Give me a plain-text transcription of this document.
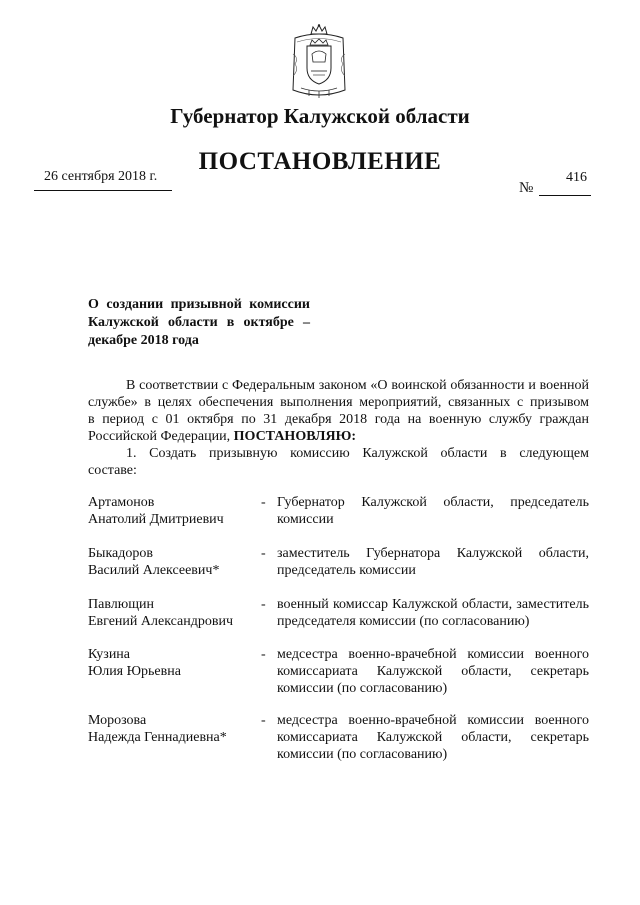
Губернатор Калужской области
ПОСТАНОВЛЕНИЕ
26 сентября 2018 г.
№
416
О создании призывной комиссии
Калужской области в октябре –
декабре 2018 года
В соответствии с Федеральным законом «О воинской обязанности и военной
службе» в целях обеспечения выполнения мероприятий, связанных с призывом
в период с 01 октября по 31 декабря 2018 года на военную службу граждан
Российской Федерации, ПОСТАНОВЛЯЮ:
1. Создать призывную комиссию Калужской области в следующем
составе:
Артамонов
Анатолий Дмитриевич
- Губернатор Калужской области, председатель
комиссии
Быкадоров
Василий Алексеевич*
- заместитель Губернатора Калужской области,
председатель комиссии
Павлющин
Евгений Александрович
- военный комиссар Калужской области, заместитель
председателя комиссии (по согласованию)
Кузина
Юлия Юрьевна
- медсестра военно-врачебной комиссии военного
комиссариата Калужской области, секретарь
комиссии (по согласованию)
Морозова
Надежда Геннадиевна*
- медсестра военно-врачебной комиссии военного
комиссариата Калужской области, секретарь
комиссии (по согласованию)
